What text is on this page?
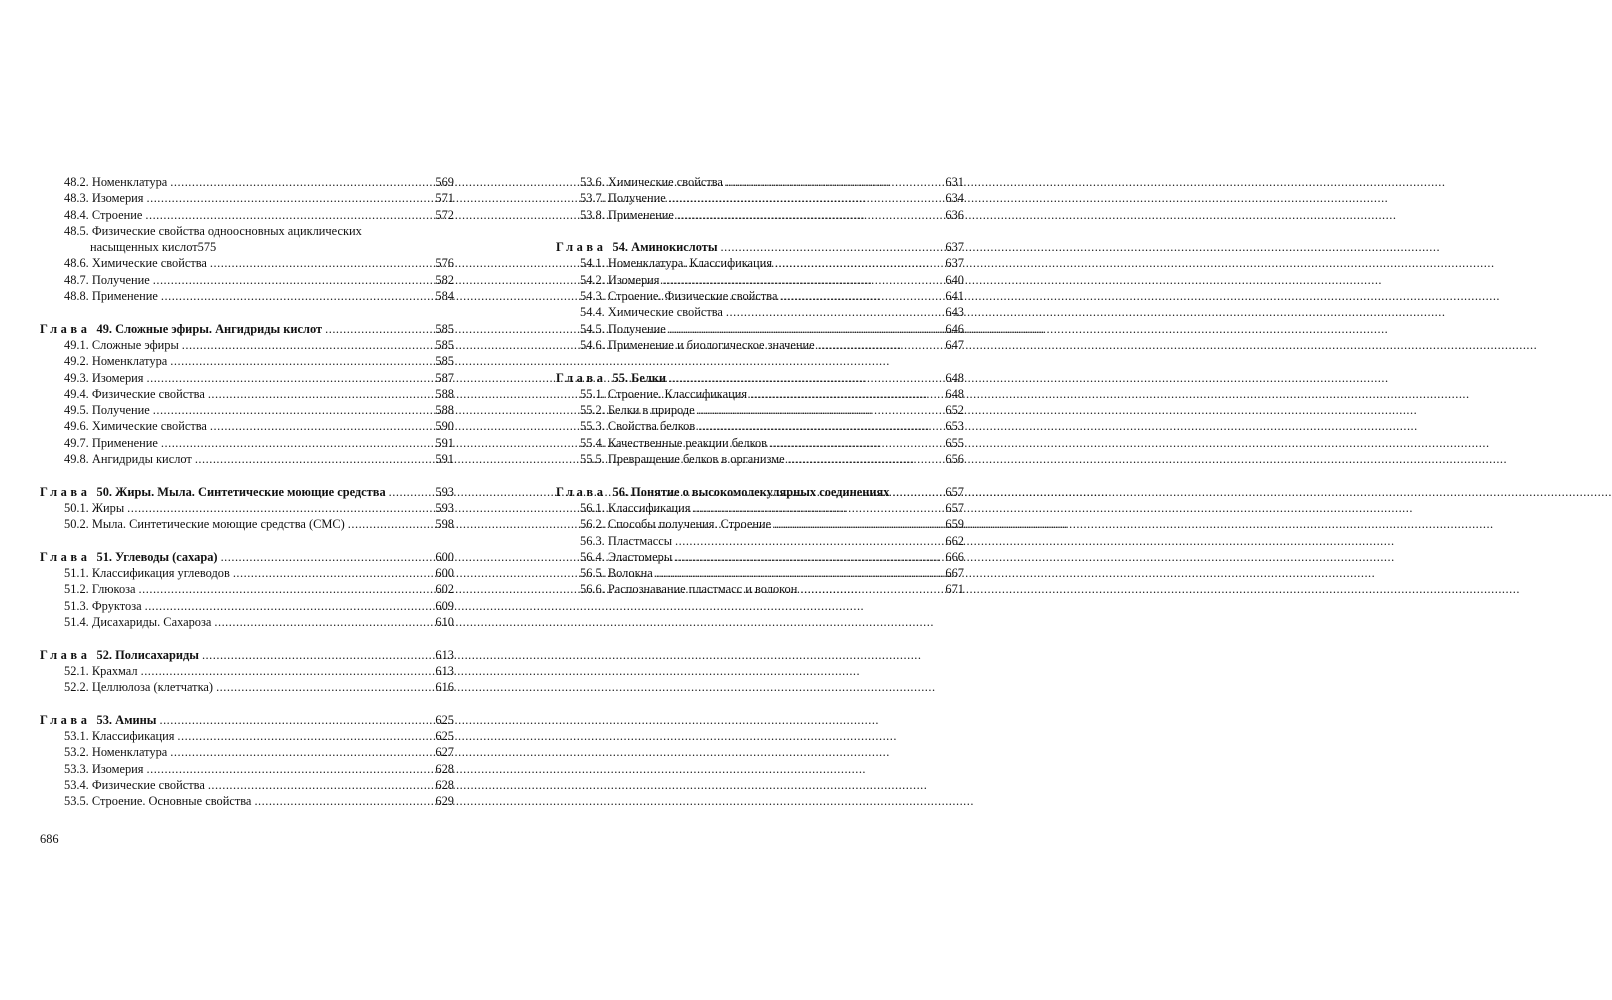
48.2. Номенклатура .....	569
48.3. Изомерия .....	571
48.4. Строение .....	572
48.5. Физические свойства одноосновных ациклических
насыщенных кислот 575
48.6. Химические свойства .....	576
48.7. Получение .....	582
48.8. Применение .....	584
Глава 49. Сложные эфиры. Ангидриды кислот .....	585
49.1. Сложные эфиры .....	585
49.2. Номенклатура .....	585
49.3. Изомерия .....	587
49.4. Физические свойства .....	588
49.5. Получение .....	588
49.6. Химические свойства .....	590
49.7. Применение .....	591
49.8. Ангидриды кислот .....	591
Глава 50. Жиры. Мыла. Синтетические моющие средства .....	593
50.1. Жиры .....	593
50.2. Мыла. Синтетические моющие средства (СМС) .....	598
Глава 51. Углеводы (сахара) .....	600
51.1. Классификация углеводов .....	600
51.2. Глюкоза .....	602
51.3. Фруктоза .....	609
51.4. Дисахариды. Сахароза .....	610
Глава 52. Полисахариды .....	613
52.1. Крахмал .....	613
52.2. Целлюлоза (клетчатка) .....	616
Глава 53. Амины .....	625
53.1. Классификация .....	625
53.2. Номенклатура .....	627
53.3. Изомерия .....	628
53.4. Физические свойства .....	628
53.5. Строение. Основные свойства .....	629
53.6. Химические свойства .....	631
53.7. Получение .....	634
53.8. Применение .....	636
Глава 54. Аминокислоты .....	637
54.1. Номенклатура. Классификация .....	637
54.2. Изомерия .....	640
54.3. Строение. Физические свойства .....	641
54.4. Химические свойства .....	643
54.5. Получение .....	646
54.6. Применение и биологическое значение .....	647
Глава 55. Белки .....	648
55.1. Строение. Классификация .....	648
55.2. Белки в природе .....	652
55.3. Свойства белков .....	653
55.4. Качественные реакции белков .....	655
55.5. Превращение белков в организме .....	656
Глава 56. Понятие о высокомолекулярных соединениях .....	657
56.1. Классификация .....	657
56.2. Способы получения. Строение .....	659
56.3. Пластмассы .....	662
56.4. Эластомеры .....	666
56.5. Волокна .....	667
56.6. Распознавание пластмасс и волокон .....	671
686
